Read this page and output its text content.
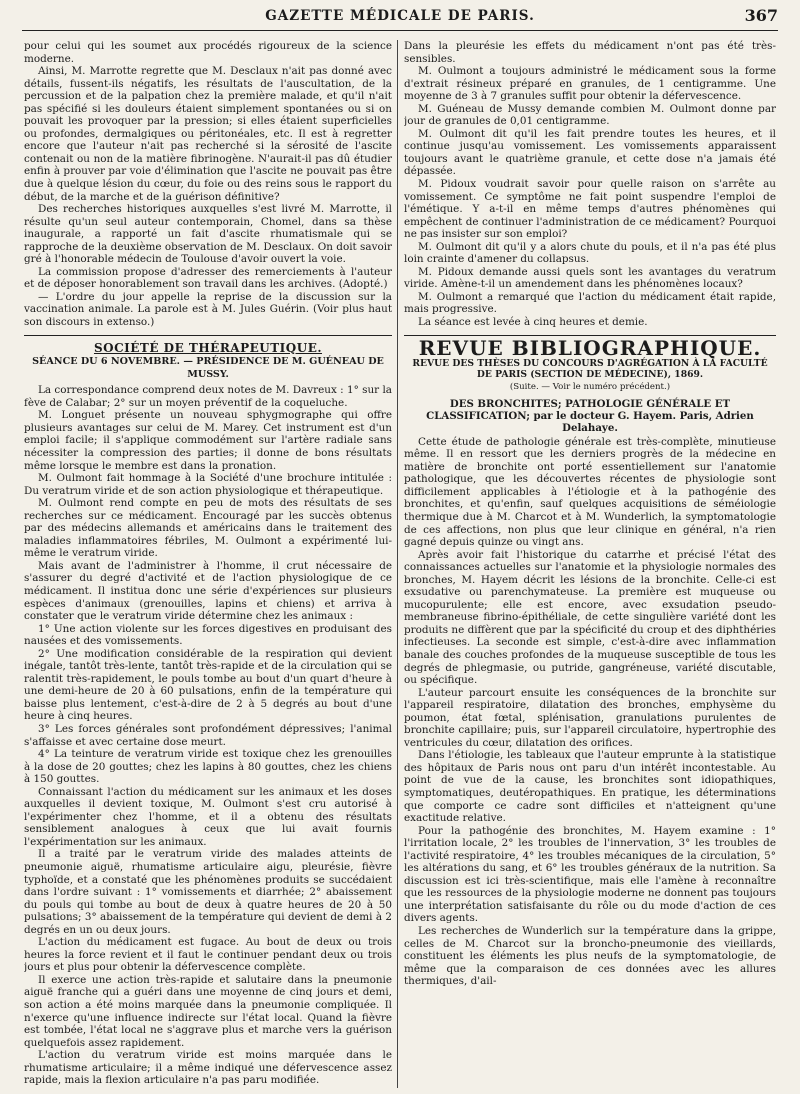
GAZETTE MÉDICALE DE PARIS.	367

pour celui qui les soumet aux procédés rigoureux de la science moderne.

Ainsi, M. Marrotte regrette que M. Desclaux n'ait pas donné avec détails, fussent-ils négatifs, les résultats de l'auscultation, de la percussion et de la palpation chez la première malade, et qu'il n'ait pas spécifié si les douleurs étaient simplement spontanées ou si on pouvait les provoquer par la pression; si elles étaient superficielles ou profondes, dermalgiques ou péritonéales, etc. Il est à regretter encore que l'auteur n'ait pas recherché si la sérosité de l'ascite contenait ou non de la matière fibrinogène. N'aurait-il pas dû étudier enfin à prouver par voie d'élimination que l'ascite ne pouvait pas être due à quelque lésion du cœur, du foie ou des reins sous le rapport du début, de la marche et de la guérison définitive?

Des recherches historiques auxquelles s'est livré M. Marrotte, il résulte qu'un seul auteur contemporain, Chomel, dans sa thèse inaugurale, a rapporté un fait d'ascite rhumatismale qui se rapproche de la deuxième observation de M. Desclaux. On doit savoir gré à l'honorable médecin de Toulouse d'avoir ouvert la voie.

La commission propose d'adresser des remerciements à l'auteur et de déposer honorablement son travail dans les archives. (Adopté.)

— L'ordre du jour appelle la reprise de la discussion sur la vaccination animale. La parole est à M. Jules Guérin. (Voir plus haut son discours in extenso.)

SOCIÉTÉ DE THÉRAPEUTIQUE.

SÉANCE DU 6 NOVEMBRE. — PRÉSIDENCE DE M. GUÉNEAU DE MUSSY.

La correspondance comprend deux notes de M. Davreux : 1° sur la fève de Calabar; 2° sur un moyen préventif de la coqueluche.

M. Longuet présente un nouveau sphygmographe qui offre plusieurs avantages sur celui de M. Marey. Cet instrument est d'un emploi facile; il s'applique commodément sur l'artère radiale sans nécessiter la compression des parties; il donne de bons résultats même lorsque le membre est dans la pronation.

M. Oulmont fait hommage à la Société d'une brochure intitulée : Du veratrum viride et de son action physiologique et thérapeutique.

M. Oulmont rend compte en peu de mots des résultats de ses recherches sur ce médicament. Encouragé par les succès obtenus par des médecins allemands et américains dans le traitement des maladies inflammatoires fébriles, M. Oulmont a expérimenté lui-même le veratrum viride.

Mais avant de l'administrer à l'homme, il crut nécessaire de s'assurer du degré d'activité et de l'action physiologique de ce médicament. Il institua donc une série d'expériences sur plusieurs espèces d'animaux (grenouilles, lapins et chiens) et arriva à constater que le veratrum viride détermine chez les animaux :

1° Une action violente sur les forces digestives en produisant des nausées et des vomissements.

2° Une modification considérable de la respiration qui devient inégale, tantôt très-lente, tantôt très-rapide et de la circulation qui se ralentit très-rapidement, le pouls tombe au bout d'un quart d'heure à une demi-heure de 20 à 60 pulsations, enfin de la température qui baisse plus lentement, c'est-à-dire de 2 à 5 degrés au bout d'une heure à cinq heures.

3° Les forces générales sont profondément dépressives; l'animal s'affaisse et avec certaine dose meurt.

4° La teinture de veratrum viride est toxique chez les grenouilles à la dose de 20 gouttes; chez les lapins à 80 gouttes, chez les chiens à 150 gouttes.

Connaissant l'action du médicament sur les animaux et les doses auxquelles il devient toxique, M. Oulmont s'est cru autorisé à l'expérimenter chez l'homme, et il a obtenu des résultats sensiblement analogues à ceux que lui avait fournis l'expérimentation sur les animaux.

Il a traité par le veratrum viride des malades atteints de pneumonie aiguë, rhumatisme articulaire aigu, pleurésie, fièvre typhoïde, et a constaté que les phénomènes produits se succédaient dans l'ordre suivant : 1° vomissements et diarrhée; 2° abaissement du pouls qui tombe au bout de deux à quatre heures de 20 à 50 pulsations; 3° abaissement de la température qui devient de demi à 2 degrés en un ou deux jours.

L'action du médicament est fugace. Au bout de deux ou trois heures la force revient et il faut le continuer pendant deux ou trois jours et plus pour obtenir la défervescence complète.

Il exerce une action très-rapide et salutaire dans la pneumonie aiguë franche qui a guéri dans une moyenne de cinq jours et demi, son action a été moins marquée dans la pneumonie compliquée. Il n'exerce qu'une influence indirecte sur l'état local. Quand la fièvre est tombée, l'état local ne s'aggrave plus et marche vers la guérison quelquefois assez rapidement.

L'action du veratrum viride est moins marquée dans le rhumatisme articulaire; il a même indiqué une défervescence assez rapide, mais la flexion articulaire n'a pas paru modifiée.

Dans la pleurésie les effets du médicament n'ont pas été très-sensibles.

M. Oulmont a toujours administré le médicament sous la forme d'extrait résineux préparé en granules, de 1 centigramme. Une moyenne de 3 à 7 granules suffit pour obtenir la défervescence.

M. Guéneau de Mussy demande combien M. Oulmont donne par jour de granules de 0,01 centigramme.

M. Oulmont dit qu'il les fait prendre toutes les heures, et il continue jusqu'au vomissement. Les vomissements apparaissent toujours avant le quatrième granule, et cette dose n'a jamais été dépassée.

M. Pidoux voudrait savoir pour quelle raison on s'arrête au vomissement. Ce symptôme ne fait point suspendre l'emploi de l'émétique. Y a-t-il en même temps d'autres phénomènes qui empêchent de continuer l'administration de ce médicament? Pourquoi ne pas insister sur son emploi?

M. Oulmont dit qu'il y a alors chute du pouls, et il n'a pas été plus loin crainte d'amener du collapsus.

M. Pidoux demande aussi quels sont les avantages du veratrum viride. Amène-t-il un amendement dans les phénomènes locaux?

M. Oulmont a remarqué que l'action du médicament était rapide, mais progressive.

La séance est levée à cinq heures et demie.

REVUE BIBLIOGRAPHIQUE.
REVUE DES THÈSES DU CONCOURS D'AGRÉGATION À LA FACULTÉ DE PARIS (SECTION DE MÉDECINE), 1869.
(Suite. — Voir le numéro précédent.)
DES BRONCHITES; PATHOLOGIE GÉNÉRALE ET CLASSIFICATION; par le docteur G. Hayem. Paris, Adrien Delahaye.

Cette étude de pathologie générale est très-complète, minutieuse même. Il en ressort que les derniers progrès de la médecine en matière de bronchite ont porté essentiellement sur l'anatomie pathologique, que les découvertes récentes de physiologie sont difficilement applicables à l'étiologie et à la pathogénie des bronchites, et qu'enfin, sauf quelques acquisitions de séméiologie thermique due à M. Charcot et à M. Wunderlich, la symptomatologie de ces affections, non plus que leur clinique en général, n'a rien gagné depuis quinze ou vingt ans.

Après avoir fait l'historique du catarrhe et précisé l'état des connaissances actuelles sur l'anatomie et la physiologie normales des bronches, M. Hayem décrit les lésions de la bronchite. Celle-ci est exsudative ou parenchymateuse. La première est muqueuse ou mucopurulente; elle est encore, avec exsudation pseudo-membraneuse fibrino-épithéliale, de cette singulière variété dont les produits ne diffèrent que par la spécificité du croup et des diphthéries infectieuses. La seconde est simple, c'est-à-dire avec inflammation banale des couches profondes de la muqueuse susceptible de tous les degrés de phlegmasie, ou putride, gangréneuse, variété discutable, ou spécifique.

L'auteur parcourt ensuite les conséquences de la bronchite sur l'appareil respiratoire, dilatation des bronches, emphysème du poumon, état fœtal, splénisation, granulations purulentes de bronchite capillaire; puis, sur l'appareil circulatoire, hypertrophie des ventricules du cœur, dilatation des orifices.

Dans l'étiologie, les tableaux que l'auteur emprunte à la statistique des hôpitaux de Paris nous ont paru d'un intérêt incontestable. Au point de vue de la cause, les bronchites sont idiopathiques, symptomatiques, deutéropathiques. En pratique, les déterminations que comporte ce cadre sont difficiles et n'atteignent qu'une exactitude relative.

Pour la pathogénie des bronchites, M. Hayem examine : 1° l'irritation locale, 2° les troubles de l'innervation, 3° les troubles de l'activité respiratoire, 4° les troubles mécaniques de la circulation, 5° les altérations du sang, et 6° les troubles généraux de la nutrition. Sa discussion est ici très-scientifique, mais elle l'amène à reconnaître que les ressources de la physiologie moderne ne donnent pas toujours une interprétation satisfaisante du rôle ou du mode d'action de ces divers agents.

Les recherches de Wunderlich sur la température dans la grippe, celles de M. Charcot sur la broncho-pneumonie des vieillards, constituent les éléments les plus neufs de la symptomatologie, de même que la comparaison de ces données avec les allures thermiques, d'ail-
